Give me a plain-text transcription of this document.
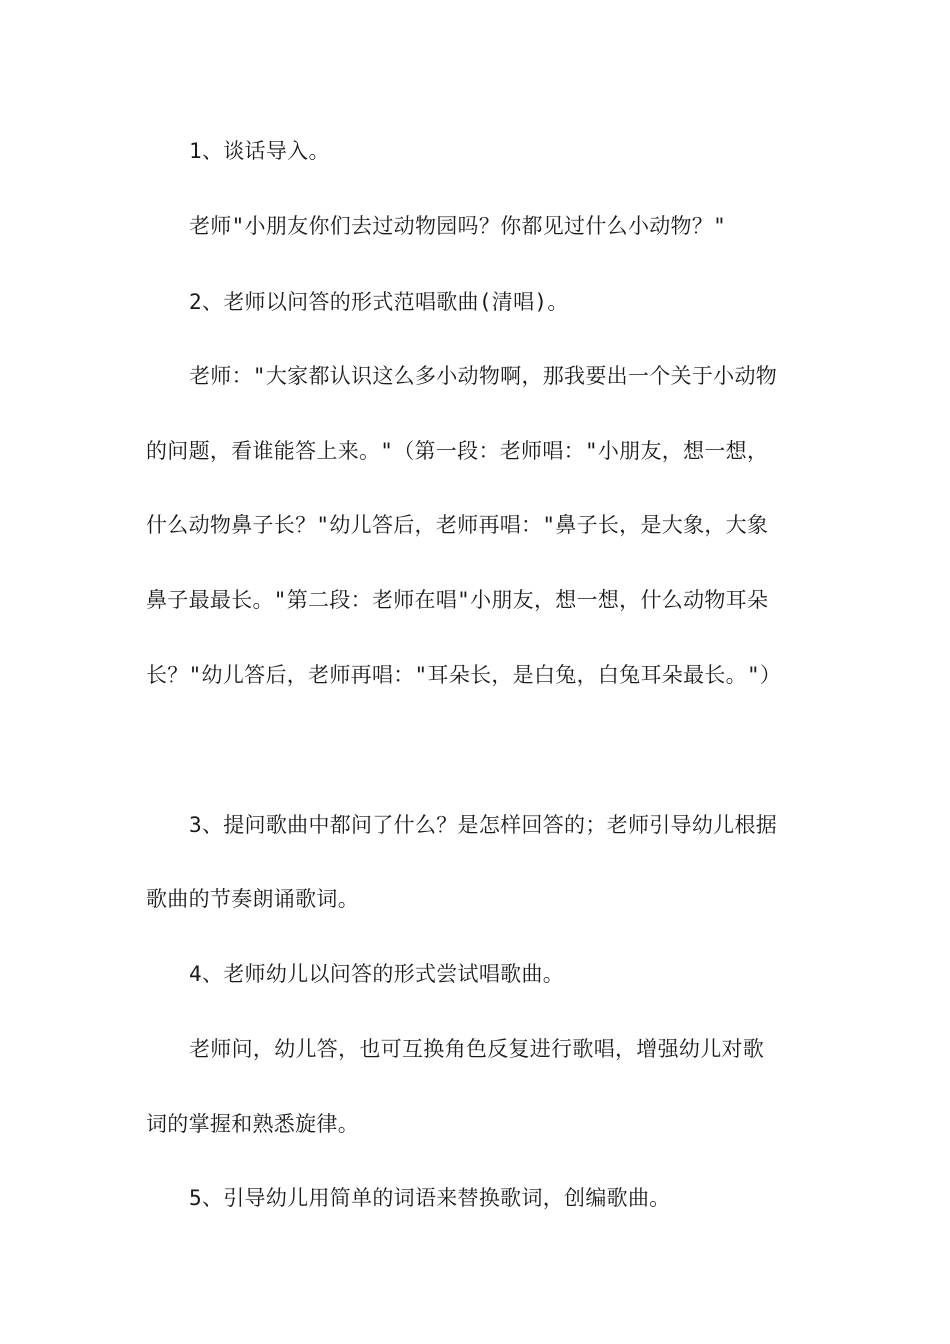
1、谈话导入。
老师"小朋友你们去过动物园吗？你都见过什么小动物？"
2、老师以问答的形式范唱歌曲(清唱)。
老师："大家都认识这么多小动物啊，那我要出一个关于小动物
的问题，看谁能答上来。"（第一段：老师唱："小朋友，想一想，
什么动物鼻子长？"幼儿答后，老师再唱："鼻子长，是大象，大象
鼻子最最长。"第二段：老师在唱"小朋友，想一想，什么动物耳朵
长？"幼儿答后，老师再唱："耳朵长，是白兔，白兔耳朵最长。"）
3、提问歌曲中都问了什么？是怎样回答的；老师引导幼儿根据
歌曲的节奏朗诵歌词。
4、老师幼儿以问答的形式尝试唱歌曲。
老师问，幼儿答，也可互换角色反复进行歌唱，增强幼儿对歌
词的掌握和熟悉旋律。
5、引导幼儿用简单的词语来替换歌词，创编歌曲。
